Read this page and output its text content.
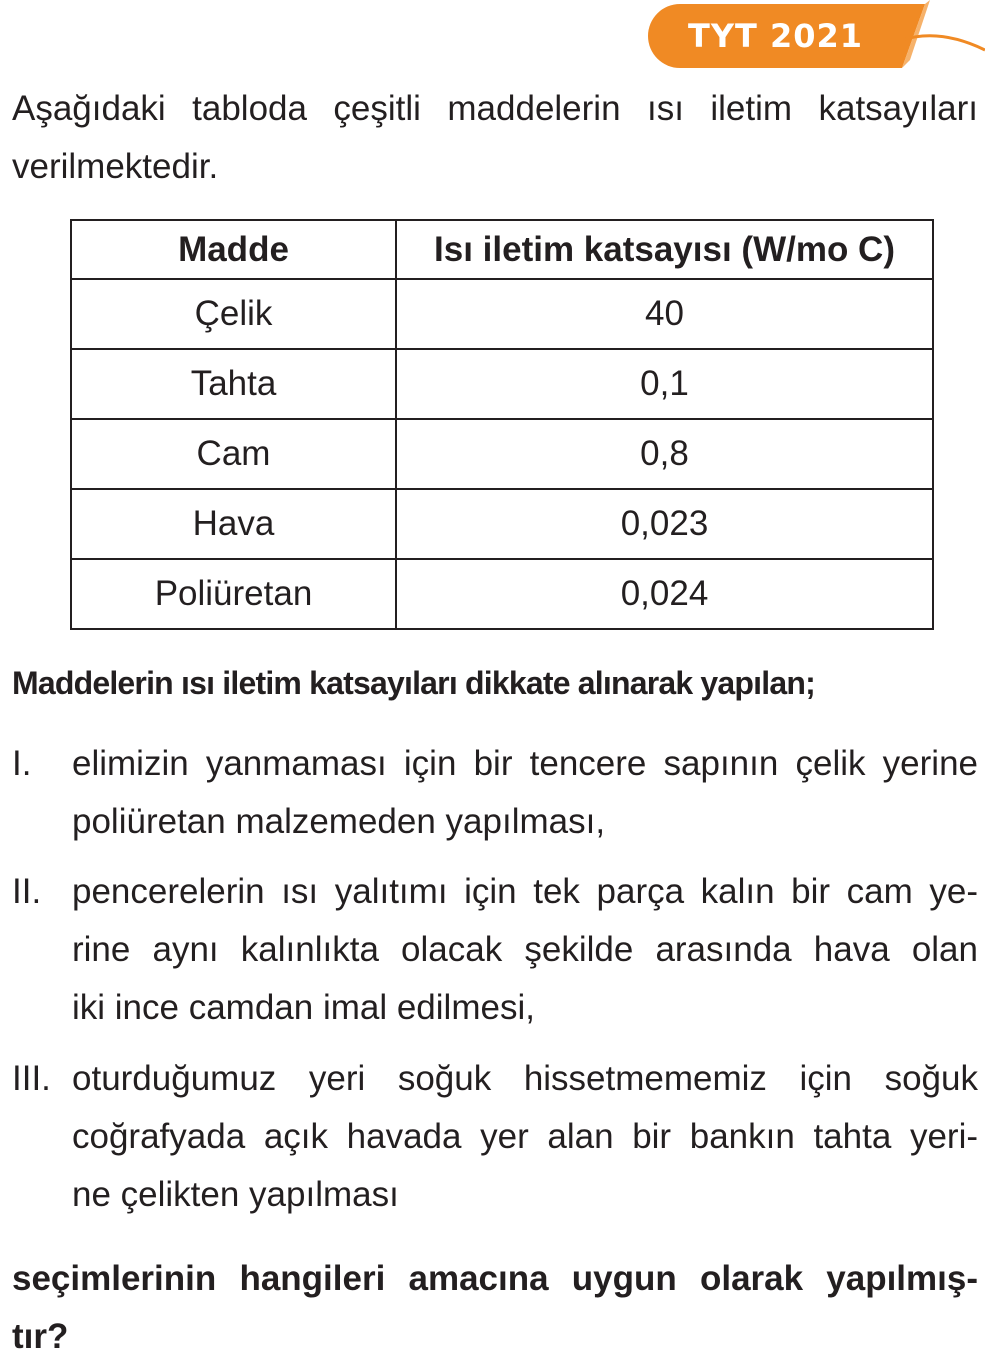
TYT 2021

Aşağıdaki tabloda çeşitli maddelerin ısı iletim katsayıları
verilmektedir.

Madde	Isı iletim katsayısı (W/mo C)
Çelik	40
Tahta	0,1
Cam	0,8
Hava	0,023
Poliüretan	0,024

Maddelerin ısı iletim katsayıları dikkate alınarak yapılan;

I. elimizin yanmaması için bir tencere sapının çelik yerine
poliüretan malzemeden yapılması,

II. pencerelerin ısı yalıtımı için tek parça kalın bir cam ye-
rine aynı kalınlıkta olacak şekilde arasında hava olan
iki ince camdan imal edilmesi,

III. oturduğumuz yeri soğuk hissetmememiz için soğuk
coğrafyada açık havada yer alan bir bankın tahta yeri-
ne çelikten yapılması

seçimlerinin hangileri amacına uygun olarak yapılmış-
tır?
